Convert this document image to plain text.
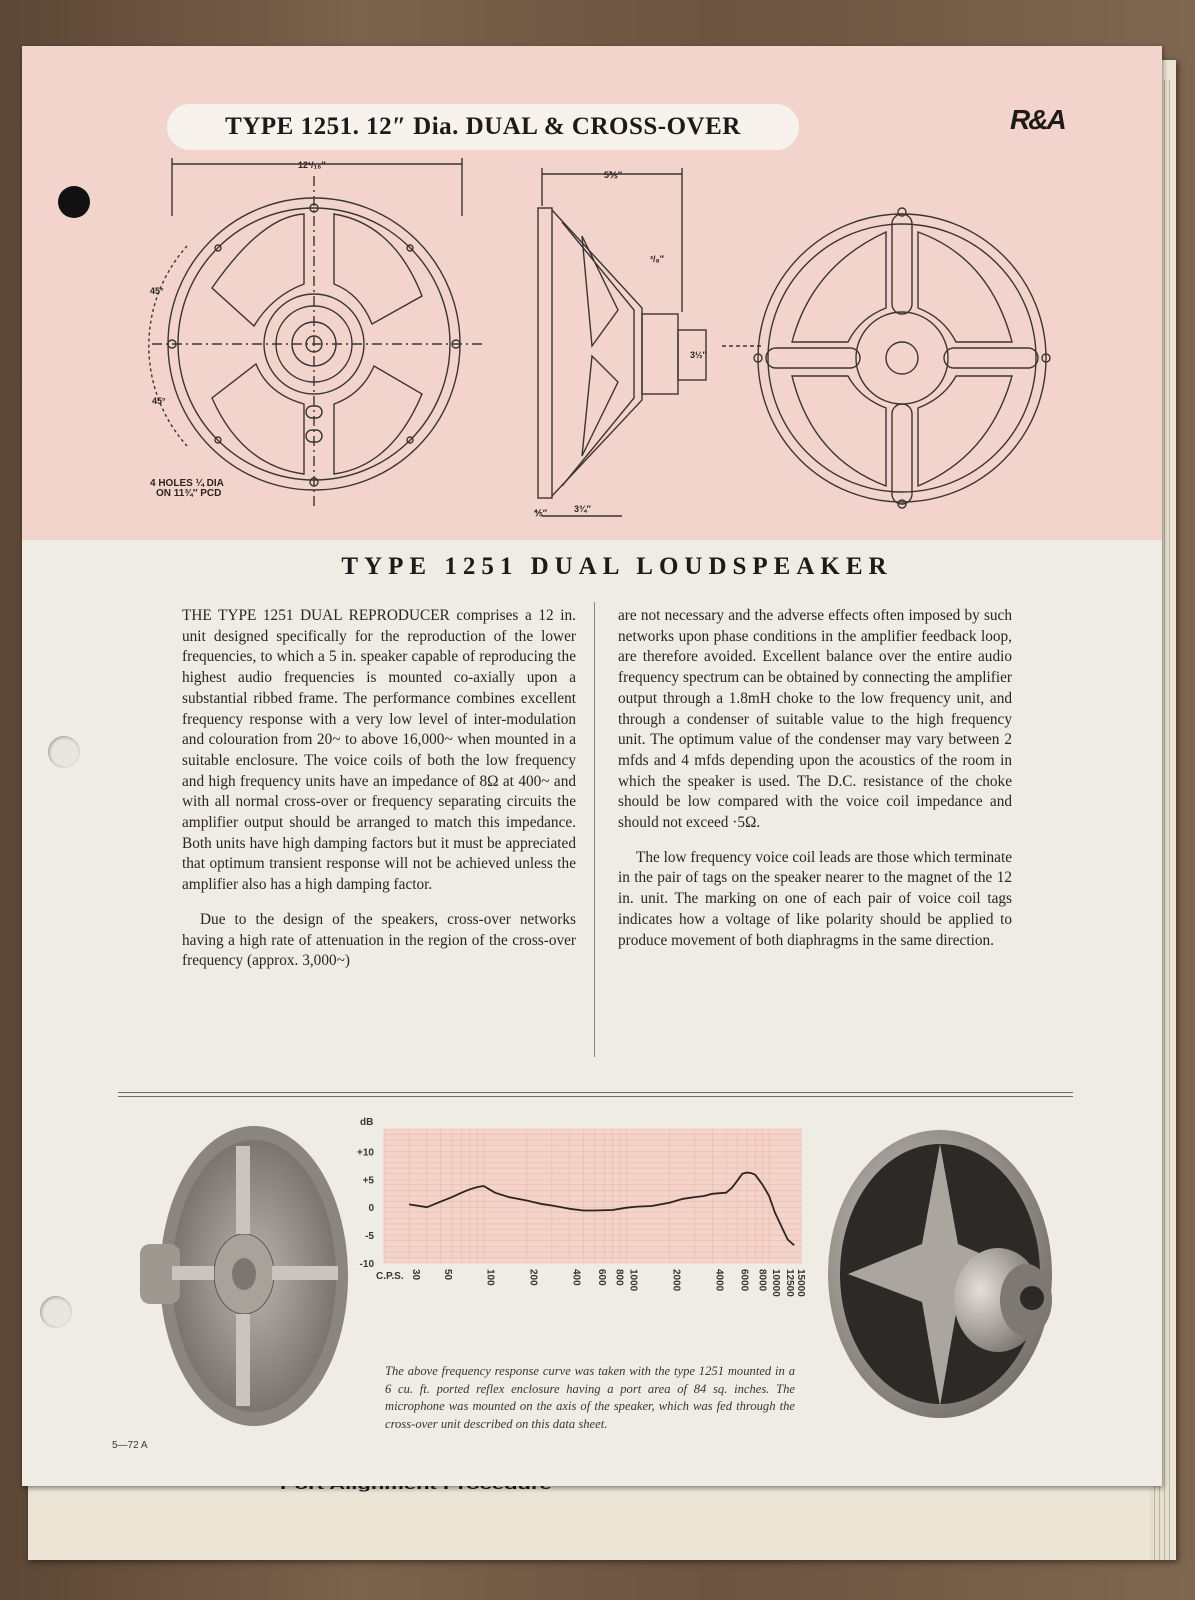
TYPE 1251. 12″ Dia. DUAL & CROSS-OVER	R&A
12¹/₁₆″
5⅗″
³/₈″
3½″
3¾″
⅘″
45°
45°
4 HOLES ¼ DIA
ON 11¾″ PCD
TYPE 1251 DUAL LOUDSPEAKER

THE TYPE 1251 DUAL REPRODUCER comprises a 12 in. unit designed specifically for the reproduction of the lower frequencies, to which a 5 in. speaker capable of reproducing the highest audio frequencies is mounted co-axially upon a substantial ribbed frame. The performance combines excellent frequency response with a very low level of inter-modulation and colouration from 20~ to above 16,000~ when mounted in a suitable enclosure. The voice coils of both the low frequency and high frequency units have an impedance of 8Ω at 400~ and with all normal cross-over or frequency separating circuits the amplifier output should be arranged to match this impedance. Both units have high damping factors but it must be appreciated that optimum transient response will not be achieved unless the amplifier also has a high damping factor.

Due to the design of the speakers, cross-over networks having a high rate of attenuation in the region of the cross-over frequency (approx. 3,000~)

are not necessary and the adverse effects often imposed by such networks upon phase conditions in the amplifier feedback loop, are therefore avoided. Excellent balance over the entire audio frequency spectrum can be obtained by connecting the amplifier output through a 1.8mH choke to the low frequency unit, and through a condenser of suitable value to the high frequency unit. The optimum value of the condenser may vary between 2 mfds and 4 mfds depending upon the acoustics of the room in which the speaker is used. The D.C. resistance of the choke should be low compared with the voice coil impedance and should not exceed ·5Ω.

The low frequency voice coil leads are those which terminate in the pair of tags on the speaker nearer to the magnet of the 12 in. unit. The marking on one of each pair of voice coil tags indicates how a voltage of like polarity should be applied to produce movement of both diaphragms in the same direction.

dB
+10
+5
0
-5
-10
C.P.S. 30 50	100	200	400 600 800 1000	2000	4000 6000 8000 10000 12500 15000
The above frequency response curve was taken with the type 1251 mounted in a 6 cu. ft. ported reflex enclosure having a port area of 84 sq. inches. The microphone was mounted on the axis of the speaker, which was fed through the cross-over unit described on this data sheet.
5—72 A
